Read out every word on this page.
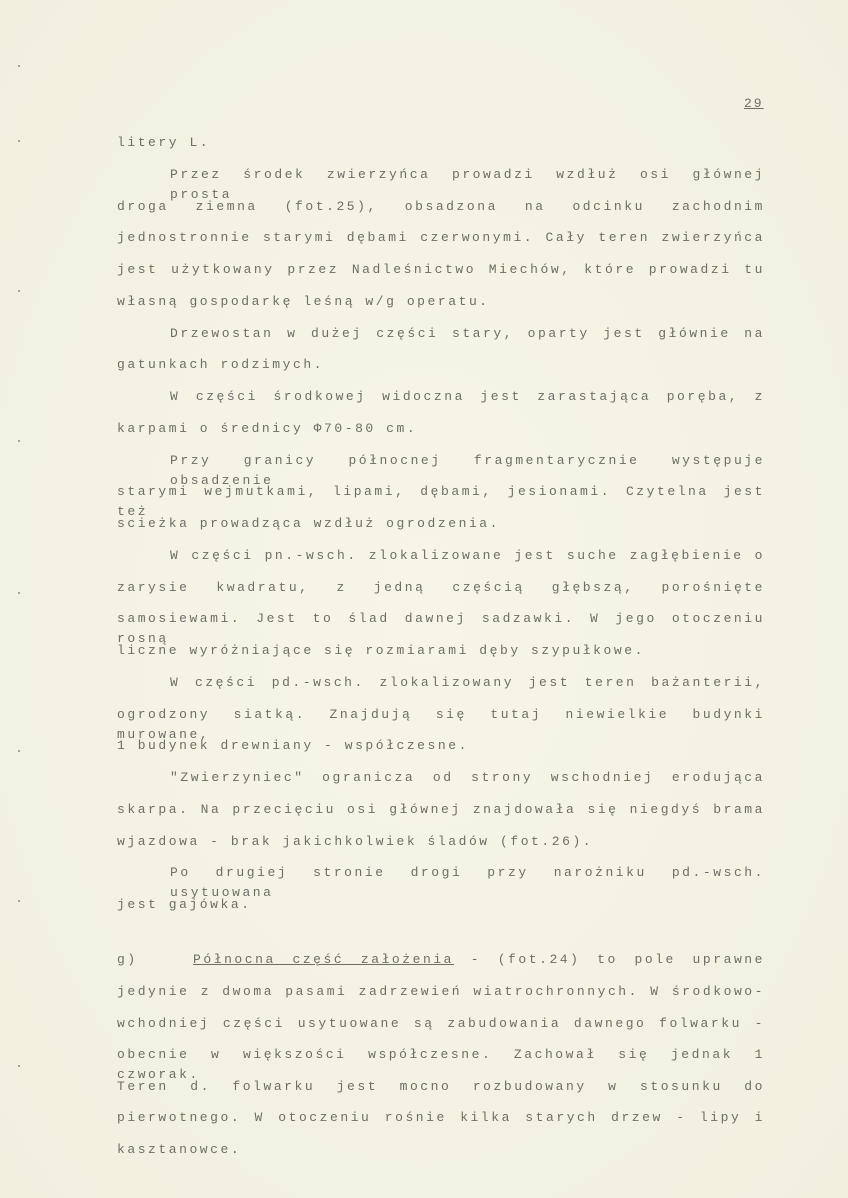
29
litery L.
Przez środek zwierzyńca prowadzi wzdłuż osi głównej prosta
droga ziemna (fot.25), obsadzona na odcinku zachodnim
jednostronnie starymi dębami czerwonymi. Cały teren zwierzyńca
jest użytkowany przez Nadleśnictwo Miechów, które prowadzi tu
własną gospodarkę leśną w/g operatu.
Drzewostan w dużej części stary, oparty jest głównie na
gatunkach rodzimych.
W części środkowej widoczna jest zarastająca poręba, z
karpami o średnicy Φ70-80 cm.
Przy granicy północnej fragmentarycznie występuje obsadzenie
starymi wejmutkami, lipami, dębami, jesionami. Czytelna jest też
scieżka prowadząca wzdłuż ogrodzenia.
W części pn.-wsch. zlokalizowane jest suche zagłębienie o
zarysie kwadratu, z jedną częścią głębszą, porośnięte
samosiewami. Jest to ślad dawnej sadzawki. W jego otoczeniu rosną
liczne wyróżniające się rozmiarami dęby szypułkowe.
W części pd.-wsch. zlokalizowany jest teren bażanterii,
ogrodzony siatką. Znajdują się tutaj niewielkie budynki murowane,
1 budynek drewniany - współczesne.
"Zwierzyniec" ogranicza od strony wschodniej erodująca
skarpa. Na przecięciu osi głównej znajdowała się niegdyś brama
wjazdowa - brak jakichkolwiek śladów (fot.26).
Po drugiej stronie drogi przy narożniku pd.-wsch. usytuowana
jest gajówka.
g)	Północna część założenia - (fot.24) to pole uprawne
jedynie z dwoma pasami zadrzewień wiatrochronnych. W środkowo-
wchodniej części usytuowane są zabudowania dawnego folwarku -
obecnie w większości współczesne. Zachował się jednak 1 czworak.
Teren d. folwarku jest mocno rozbudowany w stosunku do
pierwotnego. W otoczeniu rośnie kilka starych drzew - lipy i
kasztanowce.
